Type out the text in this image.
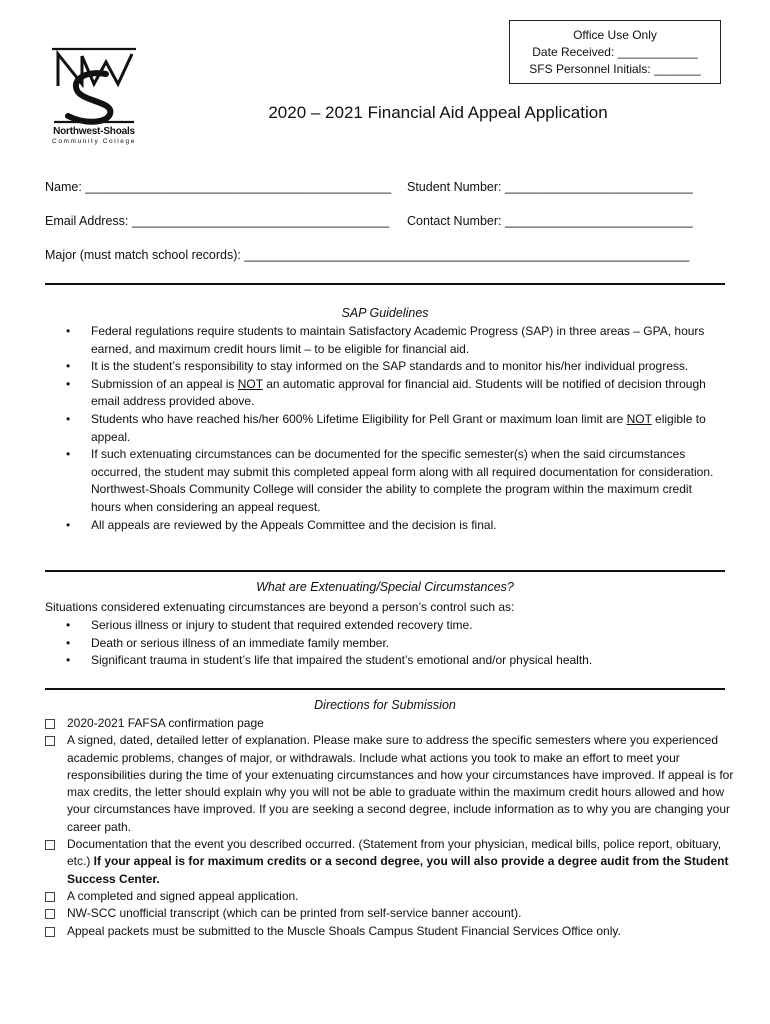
Office Use Only
Date Received: ____________
SFS Personnel Initials: _______
Northwest-Shoals
Community College
2020 – 2021 Financial Aid Appeal Application
Name: ____________________________________________ Student Number: ___________________________
Email Address: _____________________________________ Contact Number: ___________________________
Major (must match school records): ________________________________________________________________
SAP Guidelines
• Federal regulations require students to maintain Satisfactory Academic Progress (SAP) in three areas – GPA, hours earned, and maximum credit hours limit – to be eligible for financial aid.
• It is the student’s responsibility to stay informed on the SAP standards and to monitor his/her individual progress.
• Submission of an appeal is NOT an automatic approval for financial aid. Students will be notified of decision through email address provided above.
• Students who have reached his/her 600% Lifetime Eligibility for Pell Grant or maximum loan limit are NOT eligible to appeal.
• If such extenuating circumstances can be documented for the specific semester(s) when the said circumstances occurred, the student may submit this completed appeal form along with all required documentation for consideration. Northwest-Shoals Community College will consider the ability to complete the program within the maximum credit hours when considering an appeal request.
• All appeals are reviewed by the Appeals Committee and the decision is final.
What are Extenuating/Special Circumstances?
Situations considered extenuating circumstances are beyond a person’s control such as:
• Serious illness or injury to student that required extended recovery time.
• Death or serious illness of an immediate family member.
• Significant trauma in student’s life that impaired the student’s emotional and/or physical health.
Directions for Submission
2020-2021 FAFSA confirmation page
A signed, dated, detailed letter of explanation. Please make sure to address the specific semesters where you experienced academic problems, changes of major, or withdrawals. Include what actions you took to make an effort to meet your responsibilities during the time of your extenuating circumstances and how your circumstances have improved. If appeal is for max credits, the letter should explain why you will not be able to graduate within the maximum credit hours allowed and how your circumstances have improved. If you are seeking a second degree, include information as to why you are changing your career path.
Documentation that the event you described occurred. (Statement from your physician, medical bills, police report, obituary, etc.) If your appeal is for maximum credits or a second degree, you will also provide a degree audit from the Student Success Center.
A completed and signed appeal application.
NW-SCC unofficial transcript (which can be printed from self-service banner account).
Appeal packets must be submitted to the Muscle Shoals Campus Student Financial Services Office only.
